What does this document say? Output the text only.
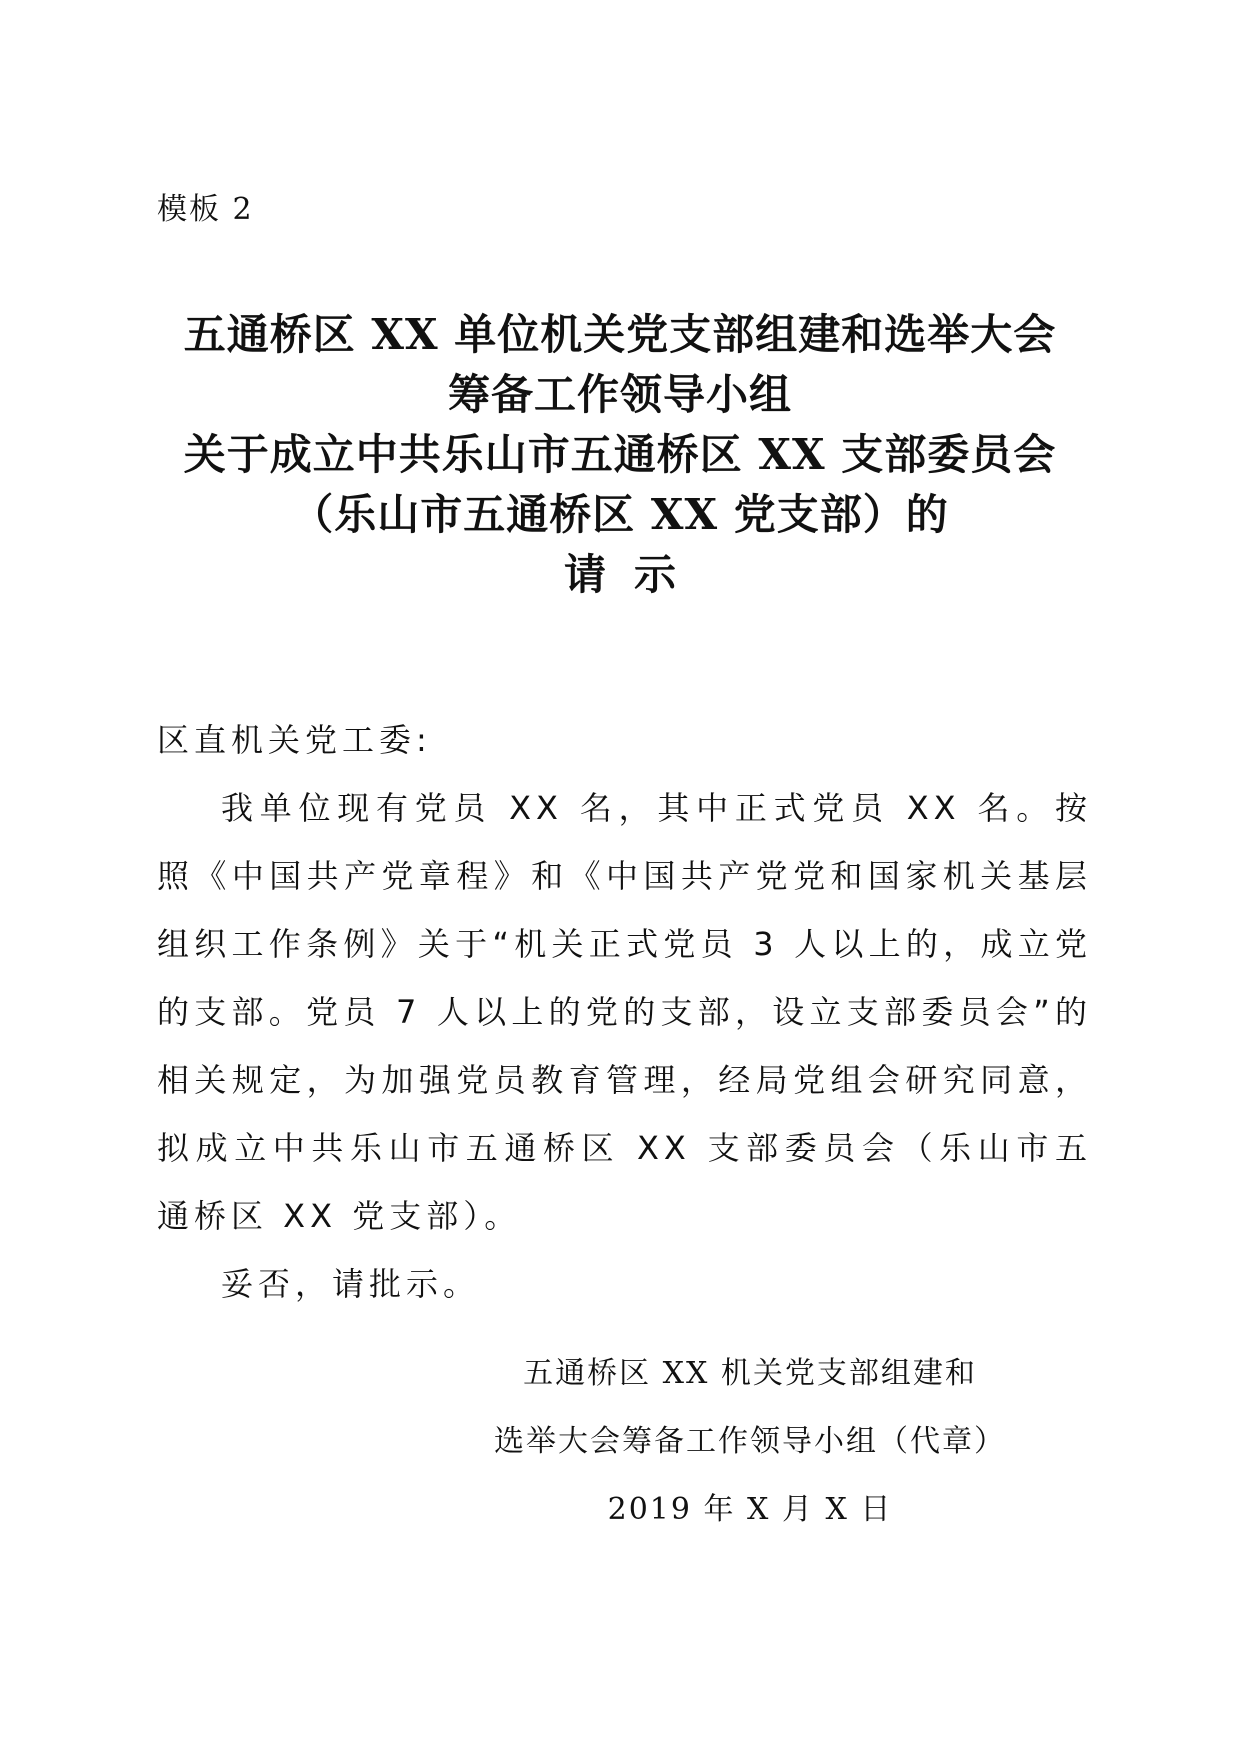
模板 2
五通桥区 XX 单位机关党支部组建和选举大会
筹备工作领导小组
关于成立中共乐山市五通桥区 XX 支部委员会
（乐山市五通桥区 XX 党支部）的
请示
区直机关党工委:
我单位现有党员 XX 名，其中正式党员 XX 名。按照《中国共产党章程》和《中国共产党党和国家机关基层组织工作条例》关于“机关正式党员 3 人以上的，成立党的支部。党员 7 人以上的党的支部，设立支部委员会”的相关规定，为加强党员教育管理，经局党组会研究同意，拟成立中共乐山市五通桥区 XX 支部委员会（乐山市五通桥区 XX 党支部）。
妥否，请批示。
五通桥区 XX 机关党支部组建和
选举大会筹备工作领导小组（代章）
2019 年 X 月 X 日
